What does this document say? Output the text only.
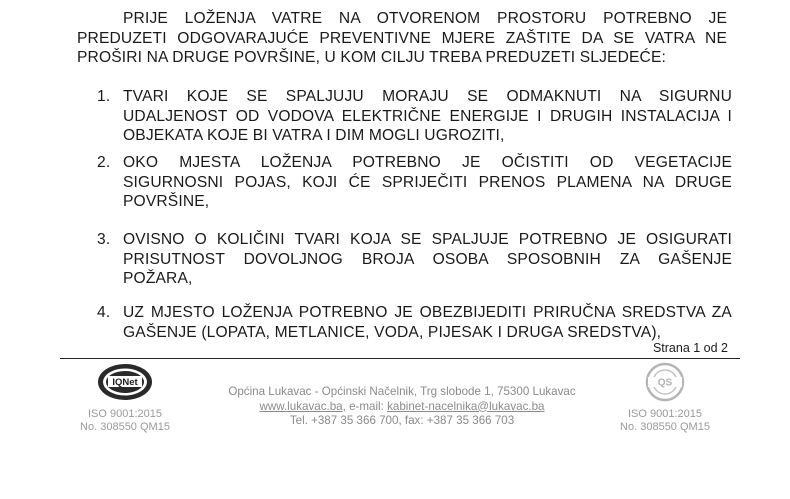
PRIJE LOŽENJA VATRE NA OTVORENOM PROSTORU POTREBNO JE
PREDUZETI ODGOVARAJUĆE PREVENTIVNE MJERE ZAŠTITE DA SE VATRA NE
PROŠIRI NA DRUGE POVRŠINE, U KOM CILJU TREBA PREDUZETI SLJEDEĆE:
1. TVARI KOJE SE SPALJUJU MORAJU SE ODMAKNUTI NA SIGURNU
UDALJENOST OD VODOVA ELEKTRIČNE ENERGIJE I DRUGIH INSTALACIJA I
OBJEKATA KOJE BI VATRA I DIM MOGLI UGROZITI,
2. OKO MJESTA LOŽENJA POTREBNO JE OČISTITI OD VEGETACIJE
SIGURNOSNI POJAS, KOJI ĆE SPRIJEČITI PRENOS PLAMENA NA DRUGE
POVRŠINE,
3. OVISNO O KOLIČINI TVARI KOJA SE SPALJUJE POTREBNO JE OSIGURATI
PRISUTNOST DOVOLJNOG BROJA OSOBA SPOSOBNIH ZA GAŠENJE
POŽARA,
4. UZ MJESTO LOŽENJA POTREBNO JE OBEZBIJEDITI PRIRUČNA SREDSTVA ZA
GAŠENJE (LOPATA, METLANICE, VODA, PIJESAK I DRUGA SREDSTVA),
Strana 1 od 2
IQNet
ISO 9001:2015
No. 308550 QM15
Općina Lukavac - Općinski Načelnik, Trg slobode 1, 75300 Lukavac
www.lukavac.ba, e-mail: kabinet-nacelnika@lukavac.ba
Tel. +387 35 366 700, fax: +387 35 366 703
QS
ISO 9001:2015
No. 308550 QM15
